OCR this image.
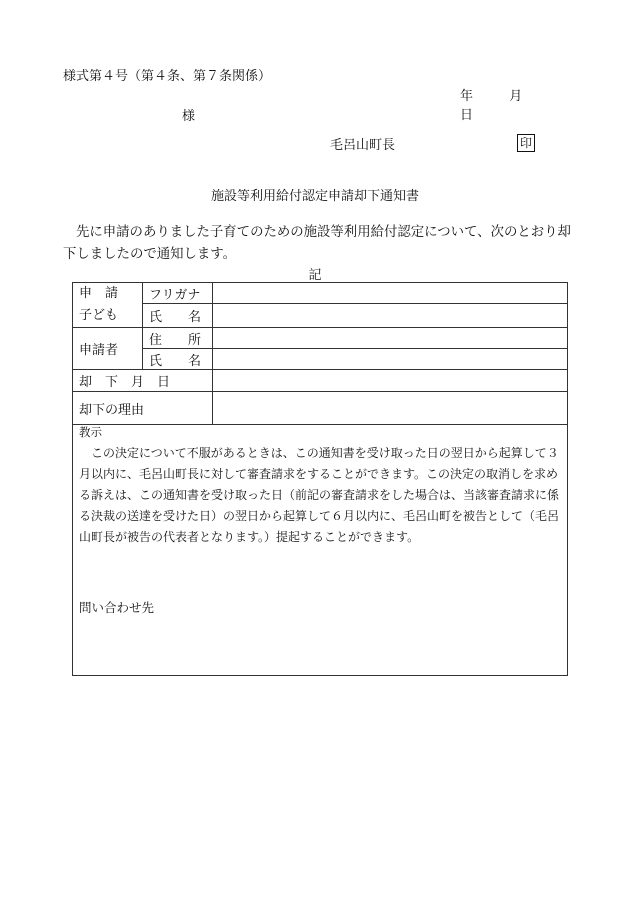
様式第４号（第４条、第７条関係）
年	月  日
様
毛呂山町長	印
施設等利用給付認定申請却下通知書
先に申請のありました子育てのための施設等利用給付認定について、次のとおり却下しましたので通知します。
記
申　請
子ども	フリガナ	
	氏　　名	
申請者	住　　所	
	氏　　名	
却　下　月　日		
却下の理由		
教示
この決定について不服があるときは、この通知書を受け取った日の翌日から起算して３月以内に、毛呂山町長に対して審査請求をすることができます。この決定の取消しを求める訴えは、この通知書を受け取った日（前記の審査請求をした場合は、当該審査請求に係る決裁の送達を受けた日）の翌日から起算して６月以内に、毛呂山町を被告として（毛呂山町長が被告の代表者となります。）提起することができます。
問い合わせ先
